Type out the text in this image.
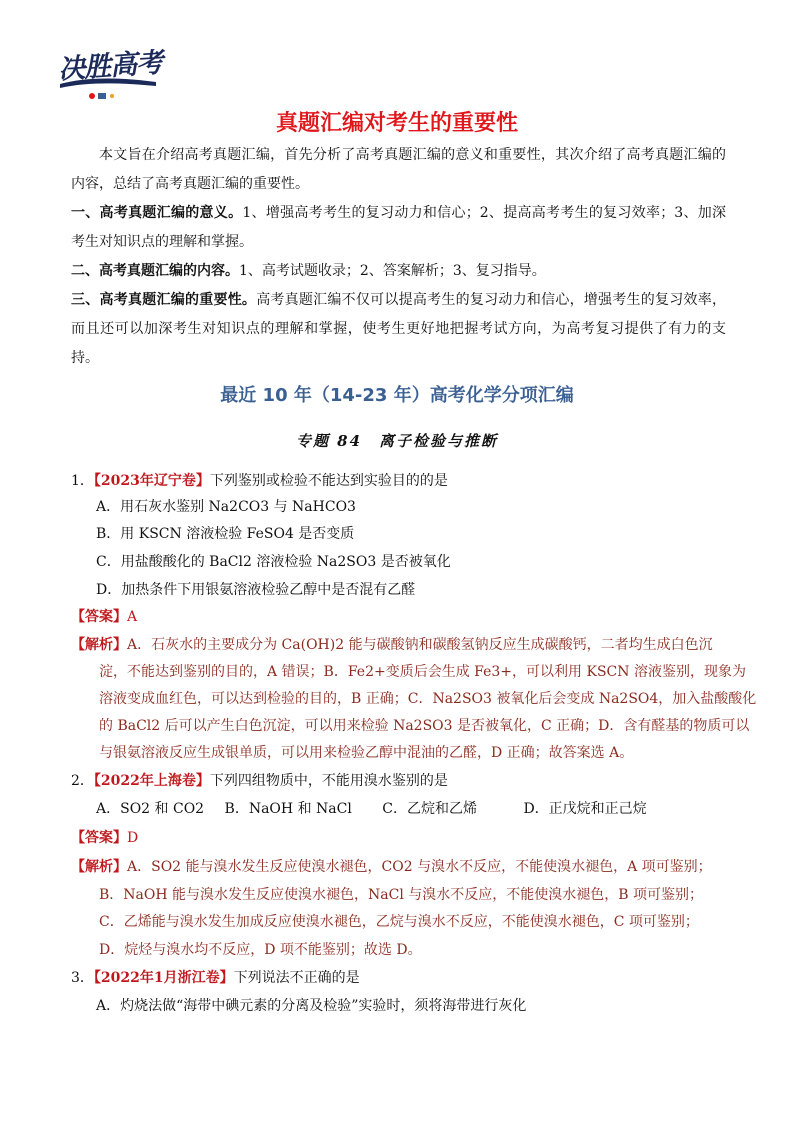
决胜高考
真题汇编对考生的重要性
本文旨在介绍高考真题汇编，首先分析了高考真题汇编的意义和重要性，其次介绍了高考真题汇编的内容，总结了高考真题汇编的重要性。
一、高考真题汇编的意义。1、增强高考考生的复习动力和信心；2、提高高考考生的复习效率；3、加深考生对知识点的理解和掌握。
二、高考真题汇编的内容。1、高考试题收录；2、答案解析；3、复习指导。
三、高考真题汇编的重要性。高考真题汇编不仅可以提高考生的复习动力和信心，增强考生的复习效率，而且还可以加深考生对知识点的理解和掌握，使考生更好地把握考试方向，为高考复习提供了有力的支持。
最近 10 年（14-23 年）高考化学分项汇编
专题 84　离子检验与推断
1．【2023年辽宁卷】下列鉴别或检验不能达到实验目的的是
A．用石灰水鉴别 Na2CO3 与 NaHCO3
B．用 KSCN 溶液检验 FeSO4 是否变质
C．用盐酸酸化的 BaCl2 溶液检验 Na2SO3 是否被氧化
D．加热条件下用银氨溶液检验乙醇中是否混有乙醛
【答案】A
【解析】A．石灰水的主要成分为 Ca(OH)2 能与碳酸钠和碳酸氢钠反应生成碳酸钙，二者均生成白色沉
淀，不能达到鉴别的目的，A 错误；B．Fe2+变质后会生成 Fe3+，可以利用 KSCN 溶液鉴别，现象为
溶液变成血红色，可以达到检验的目的，B 正确；C．Na2SO3 被氧化后会变成 Na2SO4，加入盐酸酸化
的 BaCl2 后可以产生白色沉淀，可以用来检验 Na2SO3 是否被氧化，C 正确；D．含有醛基的物质可以
与银氨溶液反应生成银单质，可以用来检验乙醇中混油的乙醛，D 正确；故答案选 A。
2．【2022年上海卷】下列四组物质中，不能用溴水鉴别的是
A．SO2 和 CO2 B．NaOH 和 NaCl C．乙烷和乙烯	D．正戊烷和正己烷
【答案】D
【解析】A．SO2 能与溴水发生反应使溴水褪色，CO2 与溴水不反应，不能使溴水褪色，A 项可鉴别；
B．NaOH 能与溴水发生反应使溴水褪色，NaCl 与溴水不反应，不能使溴水褪色，B 项可鉴别；
C．乙烯能与溴水发生加成反应使溴水褪色，乙烷与溴水不反应，不能使溴水褪色，C 项可鉴别；
D．烷烃与溴水均不反应，D 项不能鉴别；故选 D。
3．【2022年1月浙江卷】下列说法不正确的是
A．灼烧法做“海带中碘元素的分离及检验”实验时，须将海带进行灰化
